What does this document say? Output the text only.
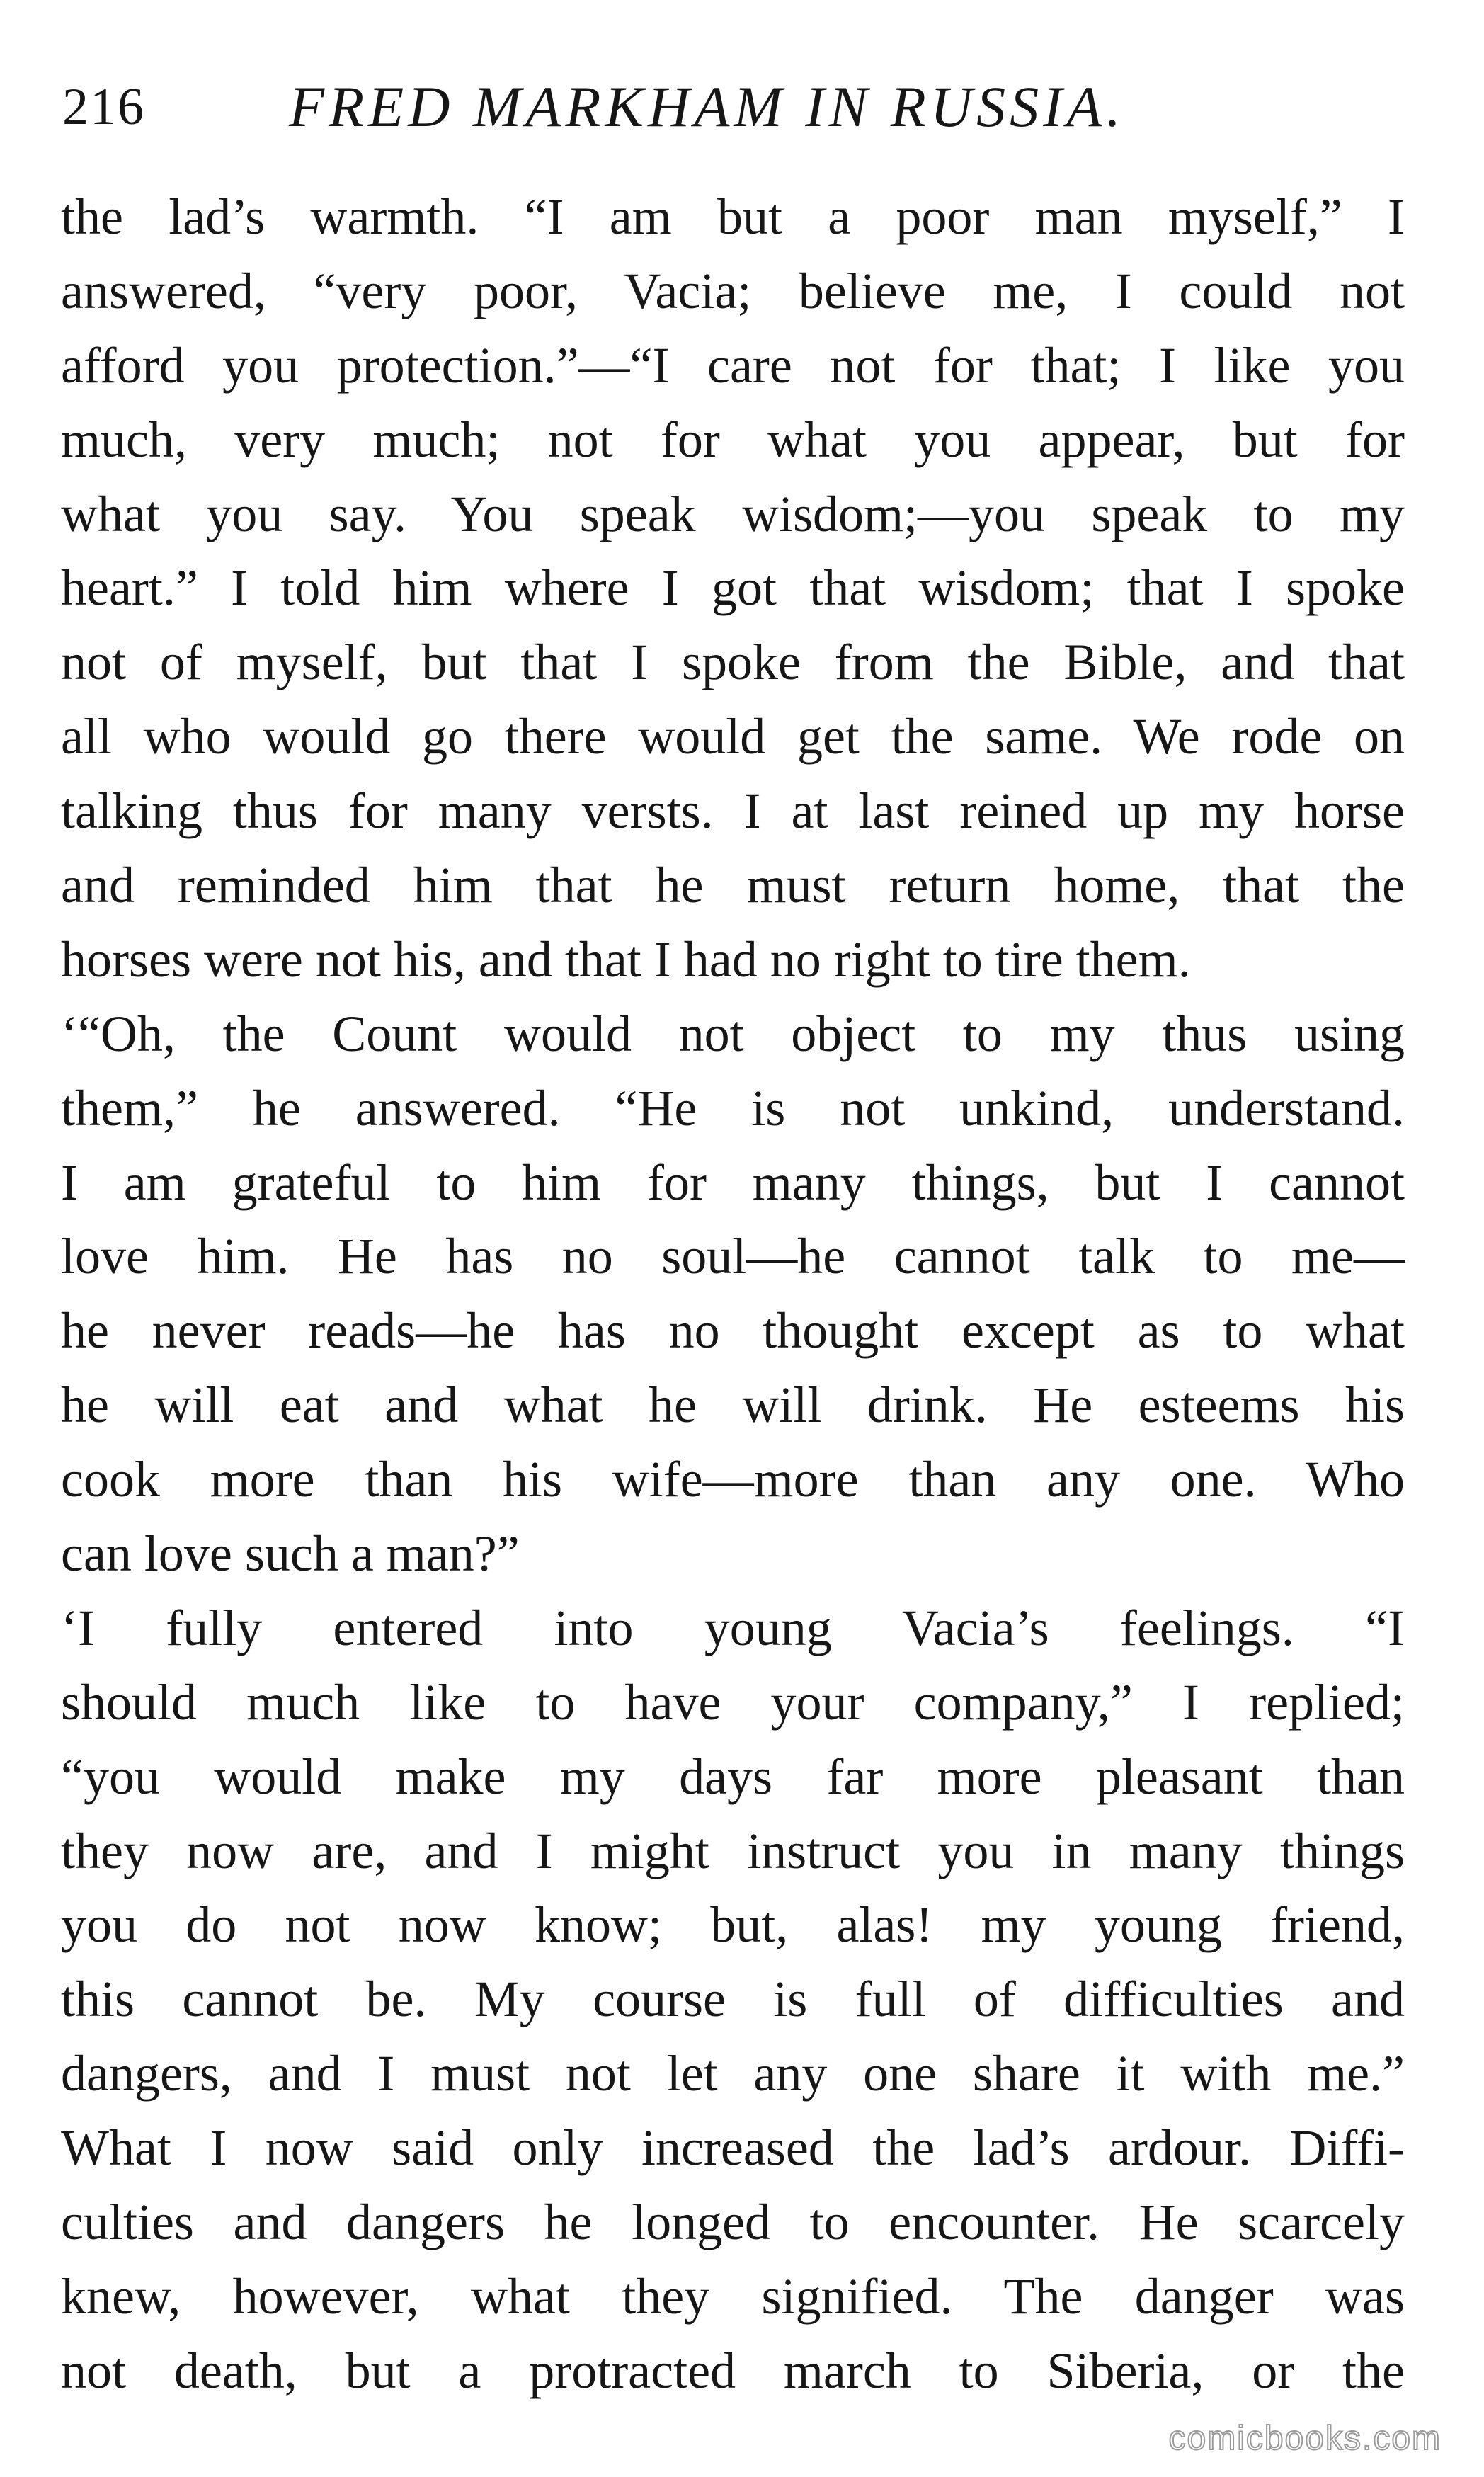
216 FRED MARKHAM IN RUSSIA.
the lad’s warmth. “I am but a poor man myself,” I
answered, “very poor, Vacia; believe me, I could not
afford you protection.”—“I care not for that; I like you
much, very much; not for what you appear, but for
what you say. You speak wisdom;—you speak to my
heart.” I told him where I got that wisdom; that I spoke
not of myself, but that I spoke from the Bible, and that
all who would go there would get the same. We rode on
talking thus for many versts. I at last reined up my horse
and reminded him that he must return home, that the
horses were not his, and that I had no right to tire them.
‘“Oh, the Count would not object to my thus using
them,” he answered. “He is not unkind, understand.
I am grateful to him for many things, but I cannot
love him. He has no soul—he cannot talk to me—
he never reads—he has no thought except as to what
he will eat and what he will drink. He esteems his
cook more than his wife—more than any one. Who
can love such a man?”
‘I fully entered into young Vacia’s feelings. “I
should much like to have your company,” I replied;
“you would make my days far more pleasant than
they now are, and I might instruct you in many things
you do not now know; but, alas! my young friend,
this cannot be. My course is full of difficulties and
dangers, and I must not let any one share it with me.”
What I now said only increased the lad’s ardour. Diffi-
culties and dangers he longed to encounter. He scarcely
knew, however, what they signified. The danger was
not death, but a protracted march to Siberia, or the
comicbooks.com
